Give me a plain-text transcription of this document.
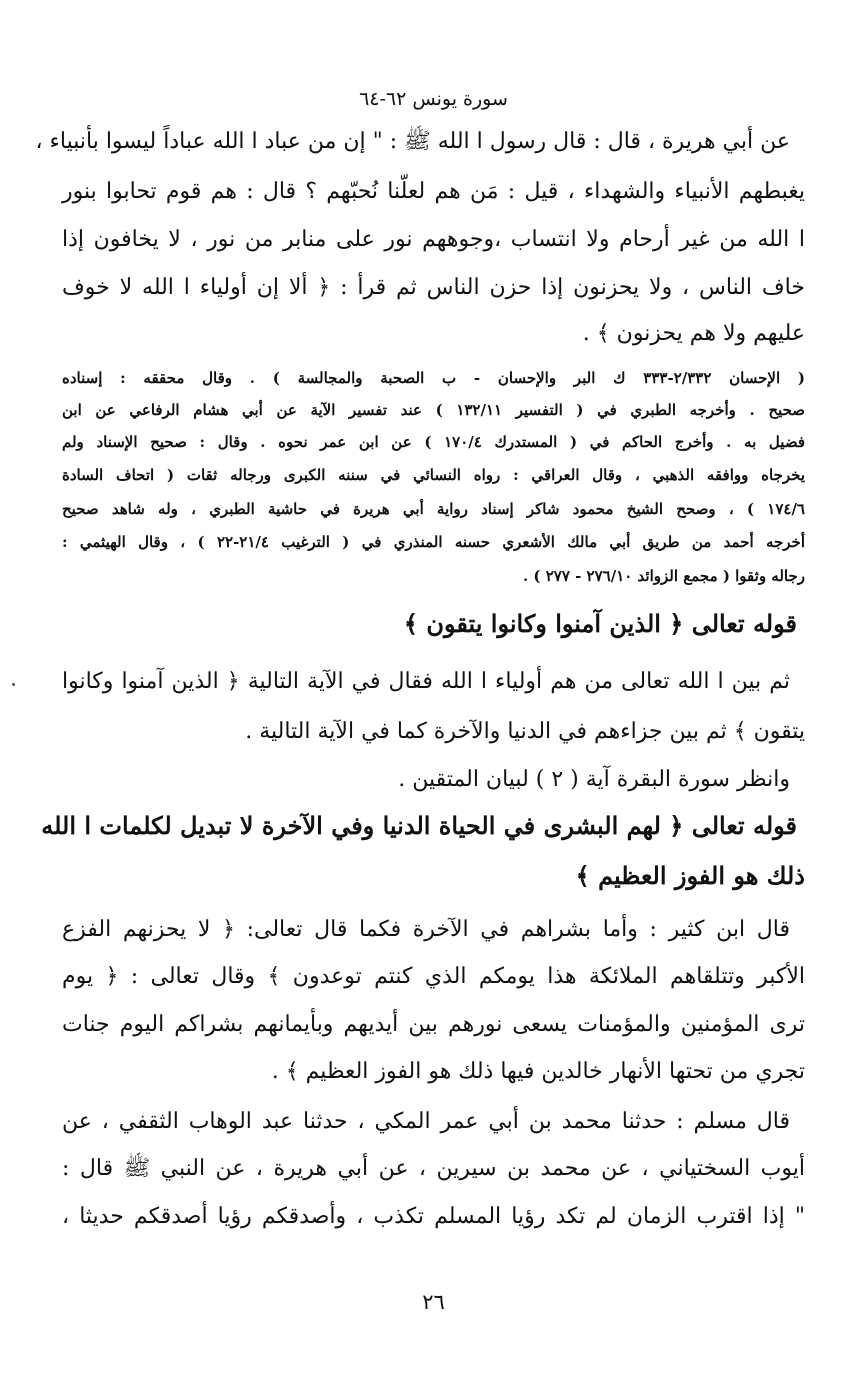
سورة يونس ٦٢-٦٤

عن أبي هريرة ، قال : قال رسول ا الله ﷺ : " إن من عباد ا الله عباداً ليسوا بأنبياء ،

يغبطهم الأنبياء والشهداء ، قيل : مَن هم لعلّنا نُحبّهم ؟ قال : هم قوم تحابوا بنور

ا الله من غير أرحام ولا انتساب ،وجوههم نور على منابر من نور ، لا يخافون إذا

خاف الناس ، ولا يحزنون إذا حزن الناس ثم قرأ : ﴿ ألا إن أولياء ا الله لا خوف

عليهم ولا هم يحزنون ﴾ .

( الإحسان ٢/٣٣٢-٣٣٣ ك البر والإحسان - ب الصحبة والمجالسة ) . وقال محققه : إسناده

صحيح . وأخرجه الطبري في ( التفسير ١٣٢/١١ ) عند تفسير الآية عن أبي هشام الرفاعي عن ابن

فضيل به . وأخرج الحاكم في ( المستدرك ١٧٠/٤ ) عن ابن عمر نحوه . وقال : صحيح الإسناد ولم

يخرجاه ووافقه الذهبي ، وقال العراقي : رواه النسائي في سننه الكبرى ورجاله ثقات ( اتحاف السادة

١٧٤/٦ ) ، وصحح الشيخ محمود شاكر إسناد رواية أبي هريرة في حاشية الطبري ، وله شاهد صحيح

أخرجه أحمد من طريق أبي مالك الأشعري حسنه المنذري في ( الترغيب ٢١/٤-٢٢ ) ، وقال الهيثمي :

رجاله وثقوا ( مجمع الزوائد ٢٧٦/١٠ - ٢٧٧ ) .

قوله تعالى ﴿ الذين آمنوا وكانوا يتقون ﴾

ثم بين ا الله تعالى من هم أولياء ا الله فقال في الآية التالية ﴿ الذين آمنوا وكانوا

يتقون ﴾ ثم بين جزاءهم في الدنيا والآخرة كما في الآية التالية .

وانظر سورة البقرة آية ( ٢ ) لبيان المتقين .

قوله تعالى ﴿ لهم البشرى في الحياة الدنيا وفي الآخرة لا تبديل لكلمات ا الله
ذلك هو الفوز العظيم ﴾

قال ابن كثير : وأما بشراهم في الآخرة فكما قال تعالى: ﴿ لا يحزنهم الفزع

الأكبر وتتلقاهم الملائكة هذا يومكم الذي كنتم توعدون ﴾ وقال تعالى : ﴿ يوم

ترى المؤمنين والمؤمنات يسعى نورهم بين أيديهم وبأيمانهم بشراكم اليوم جنات

تجري من تحتها الأنهار خالدين فيها ذلك هو الفوز العظيم ﴾ .

قال مسلم : حدثنا محمد بن أبي عمر المكي ، حدثنا عبد الوهاب الثقفي ، عن

أيوب السختياني ، عن محمد بن سيرين ، عن أبي هريرة ، عن النبي ﷺ قال :

" إذا اقترب الزمان لم تكد رؤيا المسلم تكذب ، وأصدقكم رؤيا أصدقكم حديثا ،

٢٦
